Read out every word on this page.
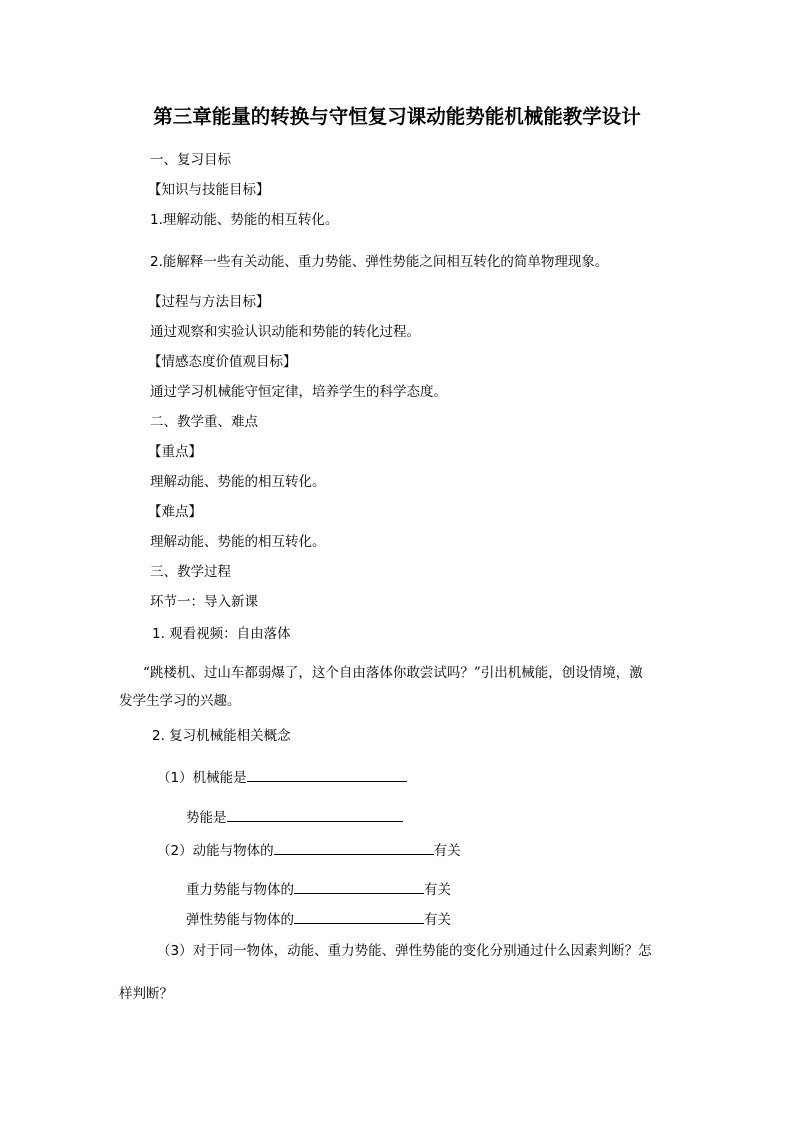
第三章能量的转换与守恒复习课动能势能机械能教学设计
一、复习目标
【知识与技能目标】
1.理解动能、势能的相互转化。
2.能解释一些有关动能、重力势能、弹性势能之间相互转化的简单物理现象。
【过程与方法目标】
通过观察和实验认识动能和势能的转化过程。
【情感态度价值观目标】
通过学习机械能守恒定律，培养学生的科学态度。
二、教学重、难点
【重点】
理解动能、势能的相互转化。
【难点】
理解动能、势能的相互转化。
三、教学过程
环节一：导入新课
1. 观看视频：自由落体
“跳楼机、过山车都弱爆了，这个自由落体你敢尝试吗？”引出机械能，创设情境，激
发学生学习的兴趣。
2. 复习机械能相关概念
（1）机械能是
势能是
（2）动能与物体的	有关
重力势能与物体的	有关
弹性势能与物体的	有关
（3）对于同一物体，动能、重力势能、弹性势能的变化分别通过什么因素判断？怎
样判断？
